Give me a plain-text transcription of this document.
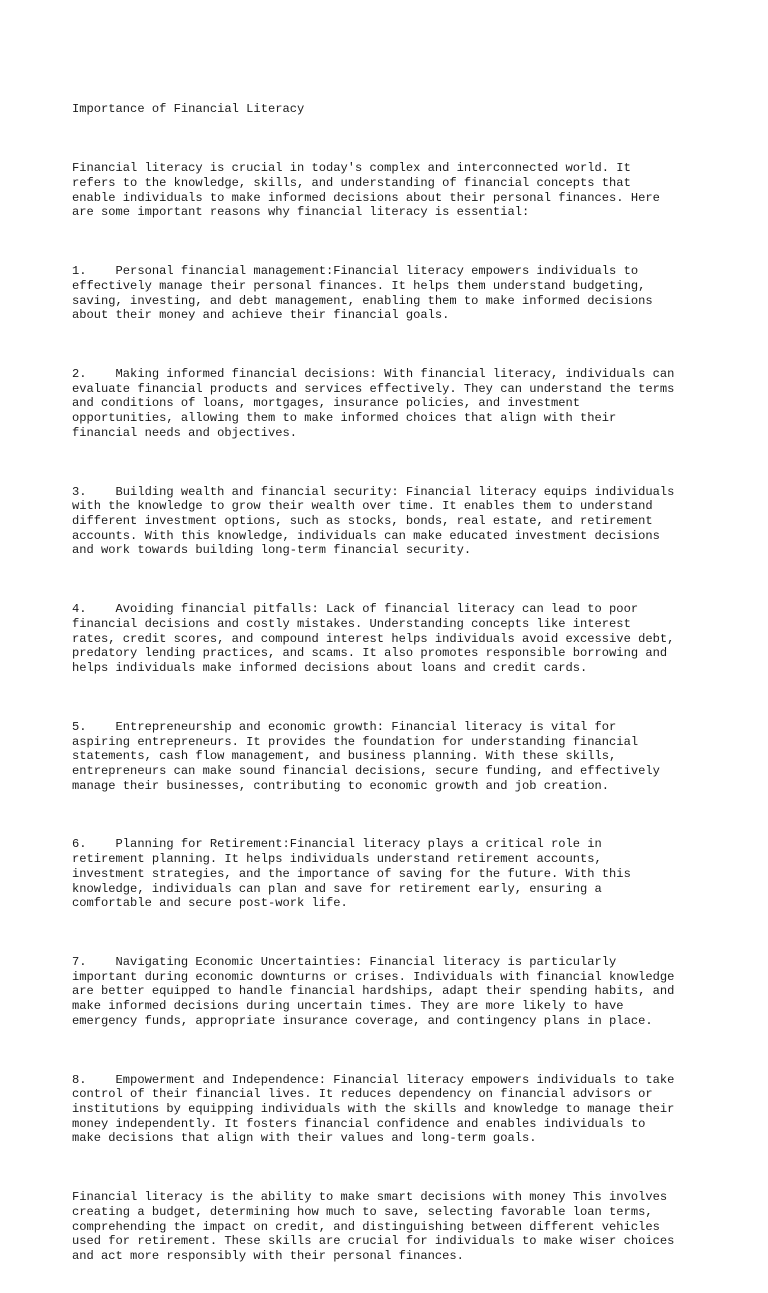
Importance of Financial Literacy

Financial literacy is crucial in today's complex and interconnected world. It
refers to the knowledge, skills, and understanding of financial concepts that
enable individuals to make informed decisions about their personal finances. Here
are some important reasons why financial literacy is essential:

1.    Personal financial management:Financial literacy empowers individuals to
effectively manage their personal finances. It helps them understand budgeting,
saving, investing, and debt management, enabling them to make informed decisions
about their money and achieve their financial goals.

2.    Making informed financial decisions: With financial literacy, individuals can
evaluate financial products and services effectively. They can understand the terms
and conditions of loans, mortgages, insurance policies, and investment
opportunities, allowing them to make informed choices that align with their
financial needs and objectives.

3.    Building wealth and financial security: Financial literacy equips individuals
with the knowledge to grow their wealth over time. It enables them to understand
different investment options, such as stocks, bonds, real estate, and retirement
accounts. With this knowledge, individuals can make educated investment decisions
and work towards building long-term financial security.

4.    Avoiding financial pitfalls: Lack of financial literacy can lead to poor
financial decisions and costly mistakes. Understanding concepts like interest
rates, credit scores, and compound interest helps individuals avoid excessive debt,
predatory lending practices, and scams. It also promotes responsible borrowing and
helps individuals make informed decisions about loans and credit cards.

5.    Entrepreneurship and economic growth: Financial literacy is vital for
aspiring entrepreneurs. It provides the foundation for understanding financial
statements, cash flow management, and business planning. With these skills,
entrepreneurs can make sound financial decisions, secure funding, and effectively
manage their businesses, contributing to economic growth and job creation.

6.    Planning for Retirement:Financial literacy plays a critical role in
retirement planning. It helps individuals understand retirement accounts,
investment strategies, and the importance of saving for the future. With this
knowledge, individuals can plan and save for retirement early, ensuring a
comfortable and secure post-work life.

7.    Navigating Economic Uncertainties: Financial literacy is particularly
important during economic downturns or crises. Individuals with financial knowledge
are better equipped to handle financial hardships, adapt their spending habits, and
make informed decisions during uncertain times. They are more likely to have
emergency funds, appropriate insurance coverage, and contingency plans in place.

8.    Empowerment and Independence: Financial literacy empowers individuals to take
control of their financial lives. It reduces dependency on financial advisors or
institutions by equipping individuals with the skills and knowledge to manage their
money independently. It fosters financial confidence and enables individuals to
make decisions that align with their values and long-term goals.

Financial literacy is the ability to make smart decisions with money This involves
creating a budget, determining how much to save, selecting favorable loan terms,
comprehending the impact on credit, and distinguishing between different vehicles
used for retirement. These skills are crucial for individuals to make wiser choices
and act more responsibly with their personal finances.
